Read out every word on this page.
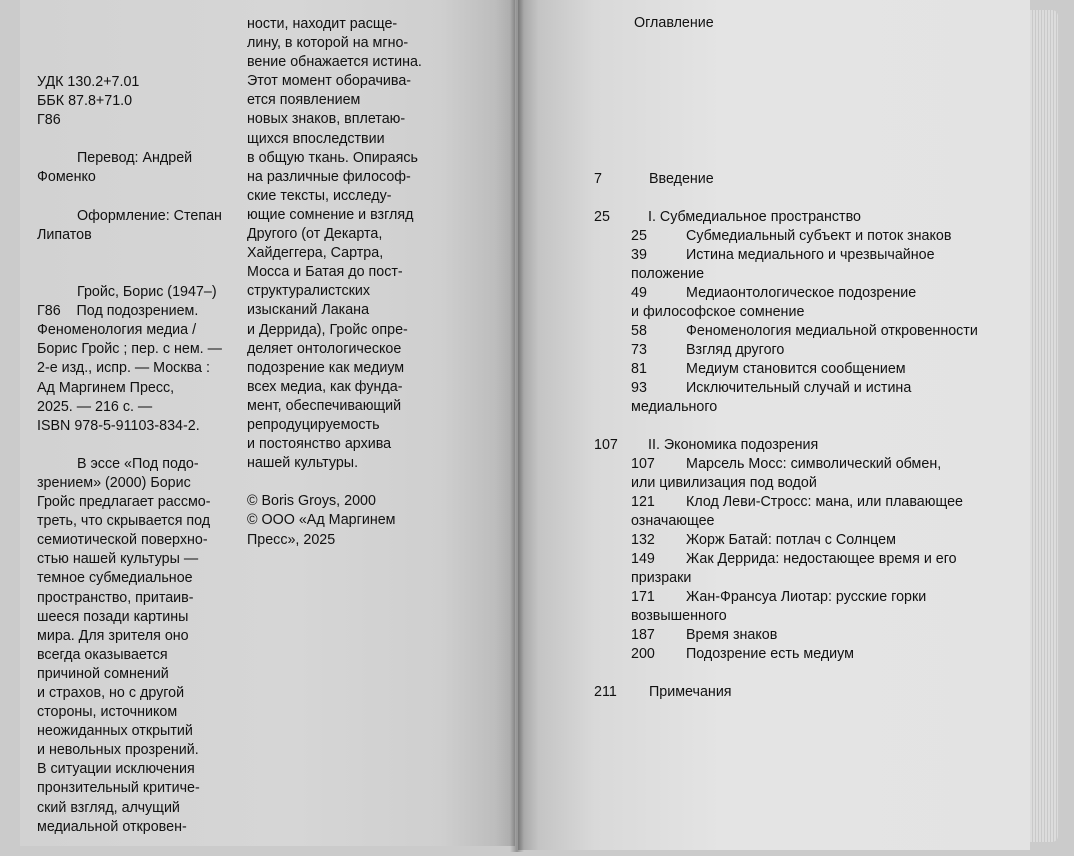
УДК 130.2+7.01
ББК 87.8+71.0
Г86
Перевод: Андрей
Фоменко
Оформление: Степан
Липатов
Гройс, Борис (1947–)
Г86    Под подозрением.
Феноменология медиа /
Борис Гройс ; пер. с нем. —
2-е изд., испр. — Москва :
Ад Маргинем Пресс,
2025. — 216 с. —
ISBN 978-5-91103-834-2.
В эссе «Под подо-
зрением» (2000) Борис
Гройс предлагает рассмо-
треть, что скрывается под
семиотической поверхно-
стью нашей культуры —
темное субмедиальное
пространство, притаив-
шееся позади картины
мира. Для зрителя оно
всегда оказывается
причиной сомнений
и страхов, но с другой
стороны, источником
неожиданных открытий
и невольных прозрений.
В ситуации исключения
пронзительный критиче-
ский взгляд, алчущий
медиальной откровен-
ности, находит расще-
лину, в которой на мгно-
вение обнажается истина.
Этот момент оборачива-
ется появлением
новых знаков, вплетаю-
щихся впоследствии
в общую ткань. Опираясь
на различные философ-
ские тексты, исследу-
ющие сомнение и взгляд
Другого (от Декарта,
Хайдеггера, Сартра,
Мосса и Батая до пост-
структуралистских
изысканий Лакана
и Деррида), Гройс опре-
деляет онтологическое
подозрение как медиум
всех медиа, как фунда-
мент, обеспечивающий
репродуцируемость
и постоянство архива
нашей культуры.
© Boris Groys, 2000
© ООО «Ад Маргинем
Пресс», 2025
Оглавление
7	Введение
25	I. Субмедиальное пространство
25	Субмедиальный субъект и поток знаков
39	Истина медиального и чрезвычайное
положение
49	Медиаонтологическое подозрение
и философское сомнение
58	Феноменология медиальной откровенности
73	Взгляд другого
81	Медиум становится сообщением
93	Исключительный случай и истина
медиального
107 II. Экономика подозрения
107 Марсель Мосс: символический обмен,
или цивилизация под водой
121 Клод Леви-Стросс: мана, или плавающее
означающее
132 Жорж Батай: потлач с Солнцем
149 Жак Деррида: недостающее время и его
призраки
171 Жан-Франсуа Лиотар: русские горки
возвышенного
187 Время знаков
200 Подозрение есть медиум
211 Примечания
